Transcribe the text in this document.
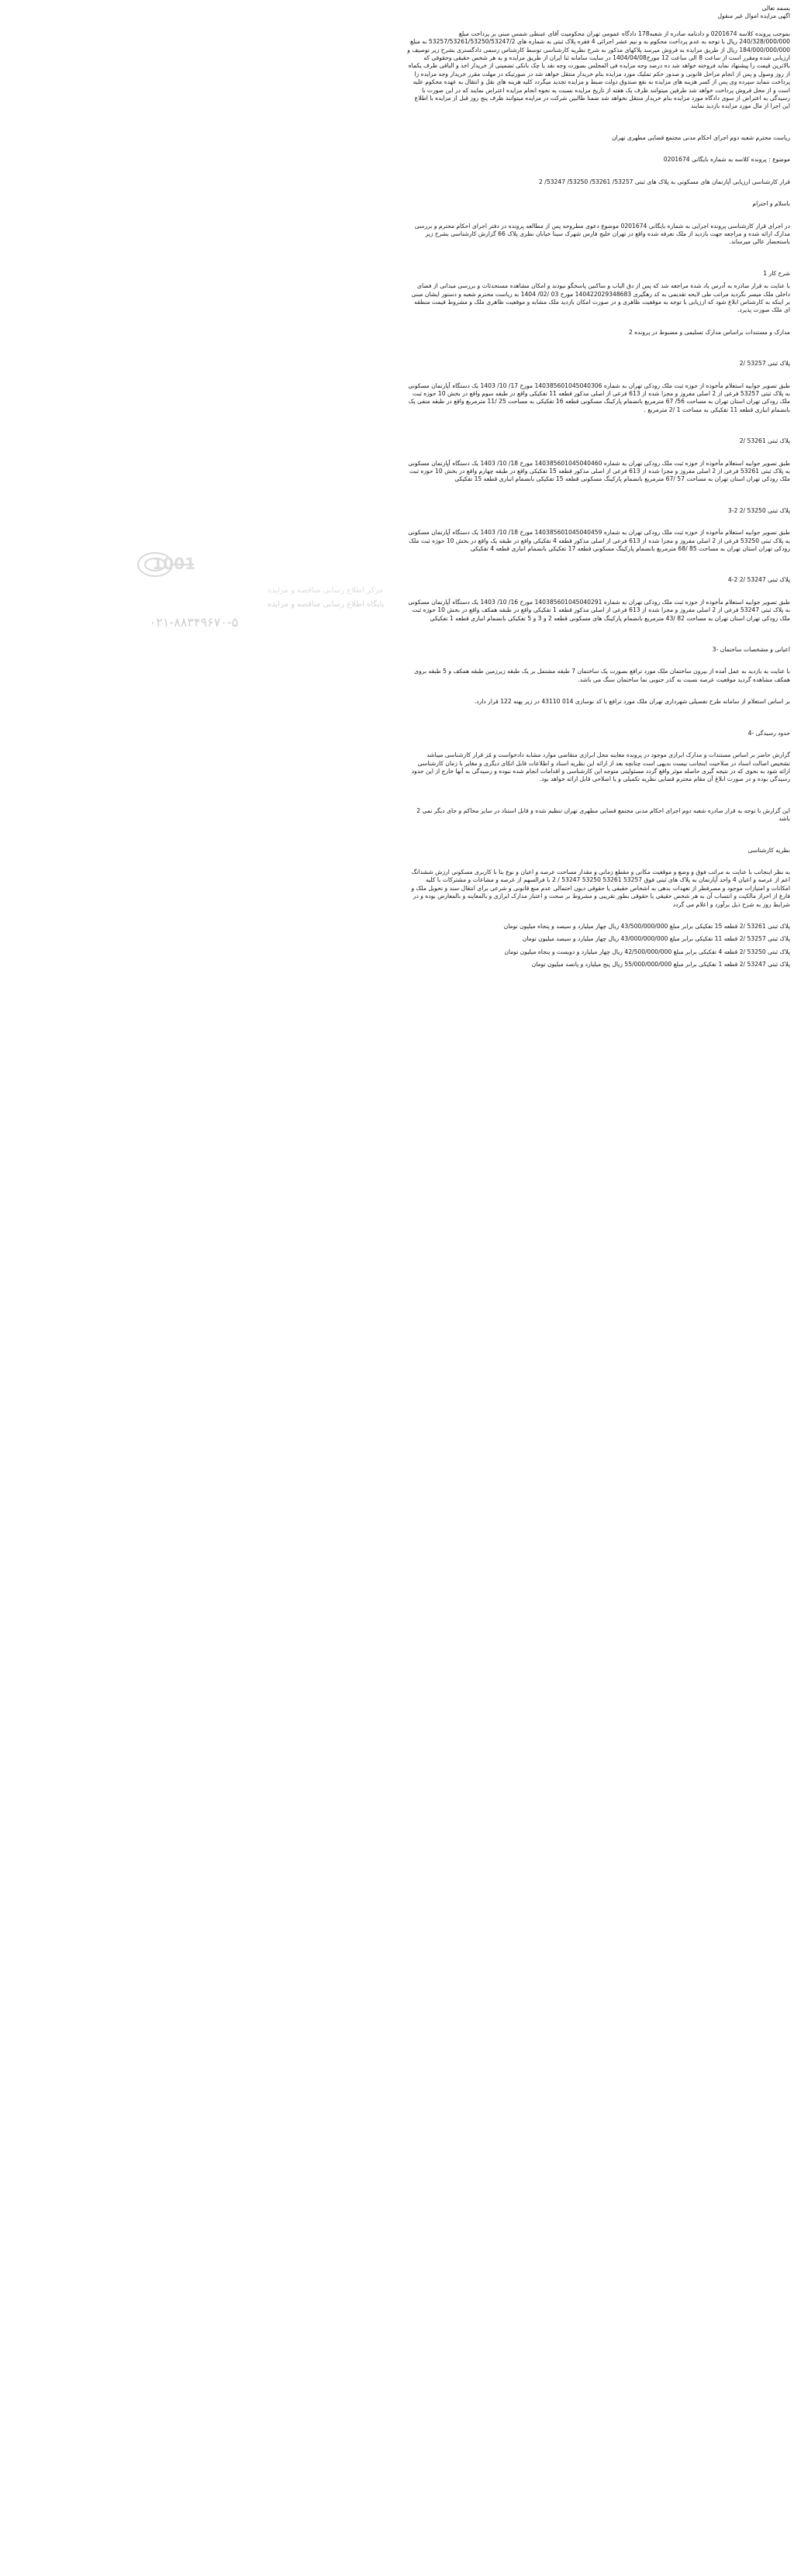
بسمه تعالی

اگهی مزایده اموال غیر منقول

بموجب پرونده کلاسه 0201674 و دادنامه صادره از شعبه178 دادگاه عمومی تهران محکومیت آقای عبنطی شمس مبنی بر پرداخت مبلغ 240/328/000/000 ریال با توجه به عدم پرداخت محکوم به و نیم عشر اجرائی 4 فقره پلاک ثبتی به شماره های 53257/53261/53250/53247/2 به مبلغ 184/000/000/000 ریال از طریق مزایده به فروش میرسد پلاکهای مذکور به شرح نظریه کارشناسی توسط کارشناس رسمی دادگستری بشرح زیر توصیف و ارزیابی شده ومقرر است از ساعت 8 الی ساعت 12 مورخ1404/04/08 در سایت سامانه ثنا ایران از طریق مزایده و به هر شخص حقیقی وحقوقی که بالاترین قیمت را پیشنهاد نماید فروخته خواهد شد ده درصد وجه مزایده فی المجلس بصورت وجه نقد یا چک بانکی تضمینی از خریدار اخذ و الباقی ظرف یکماه از روز وصول و پس از انجام مراحل قانونی و صدور حکم تملیک مورد مزایده بنام خریدار منتقل خواهد شد در صورتیکه در مهلت مقرر خریدار وجه مزایده را پرداخت ننماید سپرده وی پس از کسر هزینه های مزایده به نفع صندوق دولت ضبط و مزایده تجدید میگردد کلیه هزینه های نقل و انتقال به عهده محکوم علیه است و از محل فروش پرداخت خواهد شد طرفین میتوانند ظرف یک هفته از تاریخ مزایده نسبت به نحوه انجام مزایده اعتراض نمایند که در این صورت با رسیدگی به اعتراض از سوی دادگاه مورد مزایده بنام خریدار منتقل نخواهد شد ضمنا طالبین شرکت در مزایده میتوانند ظرف پنج روز قبل از مزایده با اطلاع این اجرا از مال مورد مزایده بازدید نمایند

ریاست محترم شعبه دوم اجرای احکام مدنی مجتمع قضایی مطهری تهران

موضوع : پرونده کلاسه به شماره بایگانی 0201674

قرار کارشناسی ارزیابی آپارتمان های مسکونی به پلاک های ثبتی 53257/ 53261/ 53250/ 53247/ 2

باسلام و احترام

در اجرای قرار کارشناسی پرونده اجرایی به شماره بایگانی 0201674 موضوع دعوی مطروحه پس از مطالعه پرونده در دفتر اجرای احکام محترم و بررسی مدارک ارائه شده و مراجعه جهت بازدید از ملک نعرفه شده واقع در تهران خلیج فارس شهرک سینا خیابان نظری پلاک 66 گزارش کارشناسی بشرح زیر باستحضار عالی میرساند.

شرح کار 1

با عنایت به قرار صادره به آدرس یاد شده مراجعه شد که پس از دق الباب و ساکنین پاسخگو نبودند و امکان مشاهده مستحدثات و بررسی میدانی از فضای داخلی ملک میسر نگردید مراتب طی لایحه تقدیمی به کد رهگیری 140422029348683 مورخ 03 /02/ 1404 به ریاست محترم شعبه و دستور ایشان مبنی بر اینکه به کارشناس ابلاغ شود که ارزیابی با توجه به موقعیت ظاهری و در صورت امکان بازدید ملک مشابه و موقعیت ظاهری ملک و مشروط قیمت منطقه ای ملک صورت پذیرد.

مدارک و مستندات براساس مدارک تسلیمی و مضبوط در پرونده 2

پلاک ثبتی 53257 /2

طبق تصویر جوابیه استعلام مأخوذه از حوزه ثبت ملک رودکی تهران به شماره 140385601045040306 مورخ 17/ 10/ 1403 یک دستگاه آپارتمان مسکونی به پلاک ثبتی 53257 فرعی از 2 اصلی مفروز و مجزا شده از 613 فرعی از اصلی مذکور قطعه 11 تفکیکی واقع در طبقه سوم واقع در بخش 10 حوزه ثبت ملک رودکی تهران استان تهران به مساحت 56/ 67 مترمربع بانضمام پارکینگ مسکونی قطعه 16 تفکیکی به مساحت 25 /11 مترمربع واقع در طبقه منفی یک بانضمام انباری قطعه 11 تفکیکی به مساحت 1 /2 مترمربع .

پلاک ثبتی 53261 /2

طبق تصویر جوابیه استعلام مأخوذه از حوزه ثبت ملک رودکی تهران به شماره 140385601045040460 مورخ 18/ 10/ 1403 یک دستگاه آپارتمان مسکونی به پلاک ثبتی 53261 فرعی از 2 اصلی مفروز و مجزا شده از 613 فرعی از اصلی مذکور قطعه 15 تفکیکی واقع در طبقه چهارم واقع در بخش 10 حوزه ثبت ملک رودکی تهران استان تهران به مساحت 57 /67 مترمربع بانضمام پارکینگ مسکونی قطعه 15 تفکیکی بانضمام انباری قطعه 15 تفکیکی

پلاک ثبتی 53250 /2 2-3

طبق تصویر جوابیه استعلام مأخوذه از حوزه ثبت ملک رودکی تهران به شماره 140385601045040459 مورخ 18/ 10/ 1403 یک دستگاه آپارتمان مسکونی به پلاک ثبتی 53250 فرعی از 2 اصلی مفروز و مجزا شده از 613 فرعی از اصلی مذکور قطعه 4 تفکیکی واقع در طبقه یک واقع در بخش 10 حوزه ثبت ملک رودکی تهران استان تهران به مساحت 85 /68 مترمربع بانضمام پارکینگ مسکونی قطعه 17 تفکیکی بانضمام انباری قطعه 4 تفکیکی

پلاک ثبتی 53247 /2 2-4

طبق تصویر جوابیه استعلام مأخوذه از حوزه ثبت ملک رودکی تهران به شماره 140385601045040291 مورخ 16/ 10/ 1403 یک دستگاه آپارتمان مسکونی به پلاک ثبتی 53247 فرعی از 2 اصلی مفروز و مجزا شده از 613 فرعی از اصلی مذکور قطعه 1 تفکیکی واقع در طبقه همکف واقع در بخش 10 حوزه ثبت ملک رودکی تهران استان تهران به مساحت 82 /43 مترمربع بانضمام پارکینگ های مسکونی قطعه 2 و 3 و 5 تفکیکی بانضمام انباری قطعه 1 تفکیکی

اعیانی و مشخصات ساختمان -3

با عنایت به بازدید به عمل آمده از بیرون ساختمان ملک مورد ترافع بصورت یک ساختمان 7 طبقه مشتمل بر یک طبقه زیرزمین طبقه همکف و 5 طبقه بروی همکف مشاهده گردید موقعیت عرصه نسبت به گذر جنوبی نما ساختمان سنگ می باشد.

بر اساس استعلام از سامانه طرح تفصیلی شهرداری تهران ملک مورد ترافع با کد نوسازی 014 43110 در زیر پهنه 122 قرار دارد.

حدود رسیدگی -4

گزارش حاضر بر اساس مستندات و مدارک ابرازی موجود در پرونده معاینه محل ابرازی متقاضی موارد مشابه دادخواست و مُز قرار کارشناسی میباشد تشخیص اصالت اسناد در صلاحیت اینجانب نیست بدیهی است چنانچه بعد از ارائه این نظریه اسناد و اطلاعات قابل اتکای دیگری و مغایر با زمان کارشناسی ارائه شود به نحوی که در نتیجه گیری حاصله موثر واقع گردد مسئولیتی متوجه این کارشناسی و اقدامات انجام شده نبوده و رسیدگی به آنها خارج از این حدود رسیدگی بوده و در صورت ابلاغ آن مقام محترم قضایی نظریه تکمیلی و یا اصلاحی قابل ارائه خواهد بود.

این گزارش با توجه به قرار صادره شعبه دوم اجرای احکام مدنی مجتمع قضایی مطهری تهران تنظیم شده و قابل استناد در سایر محاکم و جای دیگر نمی 2 باشد

نظریه کارشناسی

به نظر اینجانب با عنایت به مراتب فوق و وضع و موقعیت مکانی و مقطع زمانی و مقدار مساحت عرصه و اعیان و نوع بنا با کاربری مسکونی ارزش ششدانگ اعم از عرصه و اعیان 4 واحد آپارتمان به پلاک های ثبتی فوق 53257 53261 53250 53247 / 2 با فرالسهم از عرصه و مشاعات و مشترکات با کلیه امکانات و امتیازات موجود و مصرفطر از تعهدات بدهی به اشخاص حقیقی یا حقوقی دیون احتمالی عدم منع قانونی و شرعی برای انتقال سند و تحویل ملک و فارغ از احراز مالکیت و انتساب آن به هر شخص حقیقی یا حقوقی بطور تقریبی و مشروط بر صحت و اعتبار مدارک ابرازی و بالمعاینه و بالمعارض بوده و در شرایط روز به شرح ذیل برآورد و اعلام می گردد

پلاک ثبتی 53261 /2 قطعه 15 تفکیکی برابر مبلغ 43/500/000/000 ریال چهار میلیارد و سیصد و پنجاه میلیون تومان

پلاک ثبتی 53257 /2 قطعه 11 تفکیکی برابر مبلغ 43/000/000/000 ریال چهار میلیارد و سیصد میلیون تومان

پلاک ثبتی 53250 /2 قطعه 4 تفکیکی برابر مبلغ 42/500/000/000 ریال چهار میلیارد و دویست و پنجاه میلیون تومان

پلاک ثبتی 53247 /2 قطعه 1 تفکیکی برابر مبلغ 55/000/000/000 ریال پنج میلیارد و پانصد میلیون تومان

1001
مرکز اطلاع رسانی مناقصه و مزایده
پایگاه اطلاع رسانی مناقصه و مزایده
۰۲۱-۸۸۳۴۹۶۷۰-۵
